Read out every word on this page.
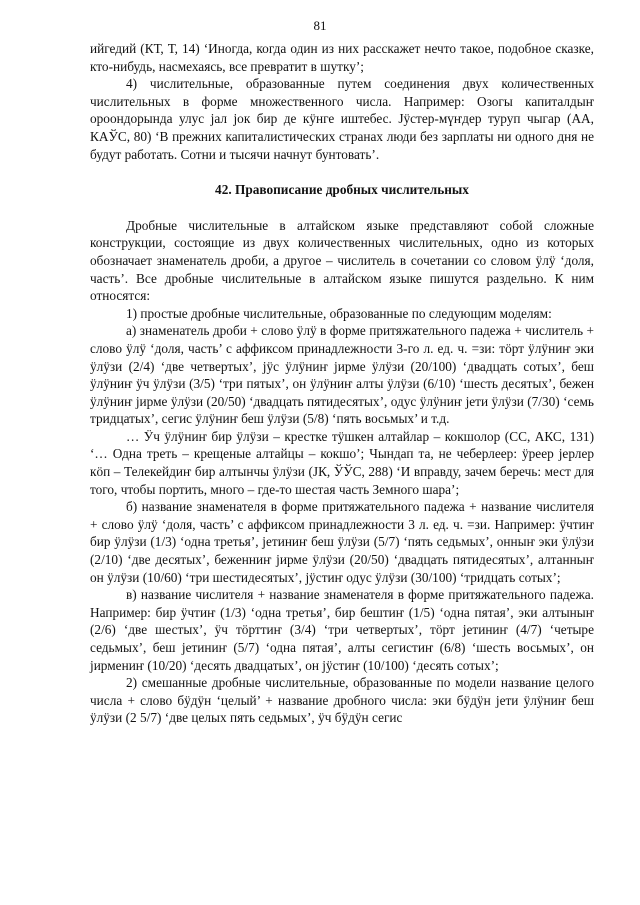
81

ийгедий (КТ, Т, 14) ‘Иногда, когда один из них расскажет нечто такое, подобное сказке, кто-нибудь, насмехаясь, все превратит в шутку’;

4) числительные, образованные путем соединения двух количественных числительных в форме множественного числа. Например: Озогы капиталдыҥ ороондорында улус јал јок бир де кӱнге иштебес. Јӱстер-мүҥдер туруп чыгар (АА, КАЎС, 80) ‘В прежних капиталистических странах люди без зарплаты ни одного дня не будут работать. Сотни и тысячи начнут бунтовать’.

42. Правописание дробных числительных

Дробные числительные в алтайском языке представляют собой сложные конструкции, состоящие из двух количественных числительных, одно из которых обозначает знаменатель дроби, а другое – числитель в сочетании со словом ӱлӱ ‘доля, часть’. Все дробные числительные в алтайском языке пишутся раздельно. К ним относятся:

1) простые дробные числительные, образованные по следующим моделям:

а) знаменатель дроби + слово ӱлӱ в форме притяжательного падежа + числитель + слово ӱлӱ ‘доля, часть’ с аффиксом принадлежности 3-го л. ед. ч. =зи: тӧрт ӱлӱниҥ эки ӱлӱзи (2/4) ‘две четвертых’, јӱс ӱлӱниҥ јирме ӱлӱзи (20/100) ‘двадцать сотых’, беш ӱлӱниҥ ӱч ӱлӱзи (3/5) ‘три пятых’, он ӱлӱниҥ алты ӱлӱзи (6/10) ‘шесть десятых’, бежен ӱлӱниҥ јирме ӱлӱзи (20/50) ‘двадцать пятидесятых’, одус ӱлӱниҥ јети ӱлӱзи (7/30) ‘семь тридцатых’, сегис ӱлӱниҥ беш ӱлӱзи (5/8) ‘пять восьмых’ и т.д.

… Ӱч ӱлӱниҥ бир ӱлӱзи – крестке тӱшкен алтайлар – кокшолор (СС, АКС, 131) ‘… Одна треть – крещеные алтайцы – кокшо’; Чындап та, не чеберлеер: ӱреер јерлер кӧп – Телекейдиҥ бир алтынчы ӱлӱзи (ЈК, ЎЎС, 288) ‘И вправду, зачем беречь: мест для того, чтобы портить, много – где-то шестая часть Земного шара’;

б) название знаменателя в форме притяжательного падежа + название числителя + слово ӱлӱ ‘доля, часть’ с аффиксом принадлежности 3 л. ед. ч. =зи. Например: ӱчтиҥ бир ӱлӱзи (1/3) ‘одна третья’, јетиниҥ беш ӱлӱзи (5/7) ‘пять седьмых’, онныҥ эки ӱлӱзи (2/10) ‘две десятых’, беженниҥ јирме ӱлӱзи (20/50) ‘двадцать пятидесятых’, алтанныҥ он ӱлӱзи (10/60) ‘три шестидесятых’, јӱстиҥ одус ӱлӱзи (30/100) ‘тридцать сотых’;

в) название числителя + название знаменателя в форме притяжательного падежа. Например: бир ӱчтиҥ (1/3) ‘одна третья’, бир бештиҥ (1/5) ‘одна пятая’, эки алтыныҥ (2/6) ‘две шестых’, ӱч тӧрттиҥ (3/4) ‘три четвертых’, тӧрт јетиниҥ (4/7) ‘четыре седьмых’, беш јетиниҥ (5/7) ‘одна пятая’, алты сегистиҥ (6/8) ‘шесть восьмых’, он јирмениҥ (10/20) ‘десять двадцатых’, он јӱстиҥ (10/100) ‘десять сотых’;

2) смешанные дробные числительные, образованные по модели название целого числа + слово бӱдӱн ‘целый’ + название дробного числа: эки бӱдӱн јети ӱлӱниҥ беш ӱлӱзи (2 5/7) ‘две целых пять седьмых’, ӱч бӱдӱн сегис
